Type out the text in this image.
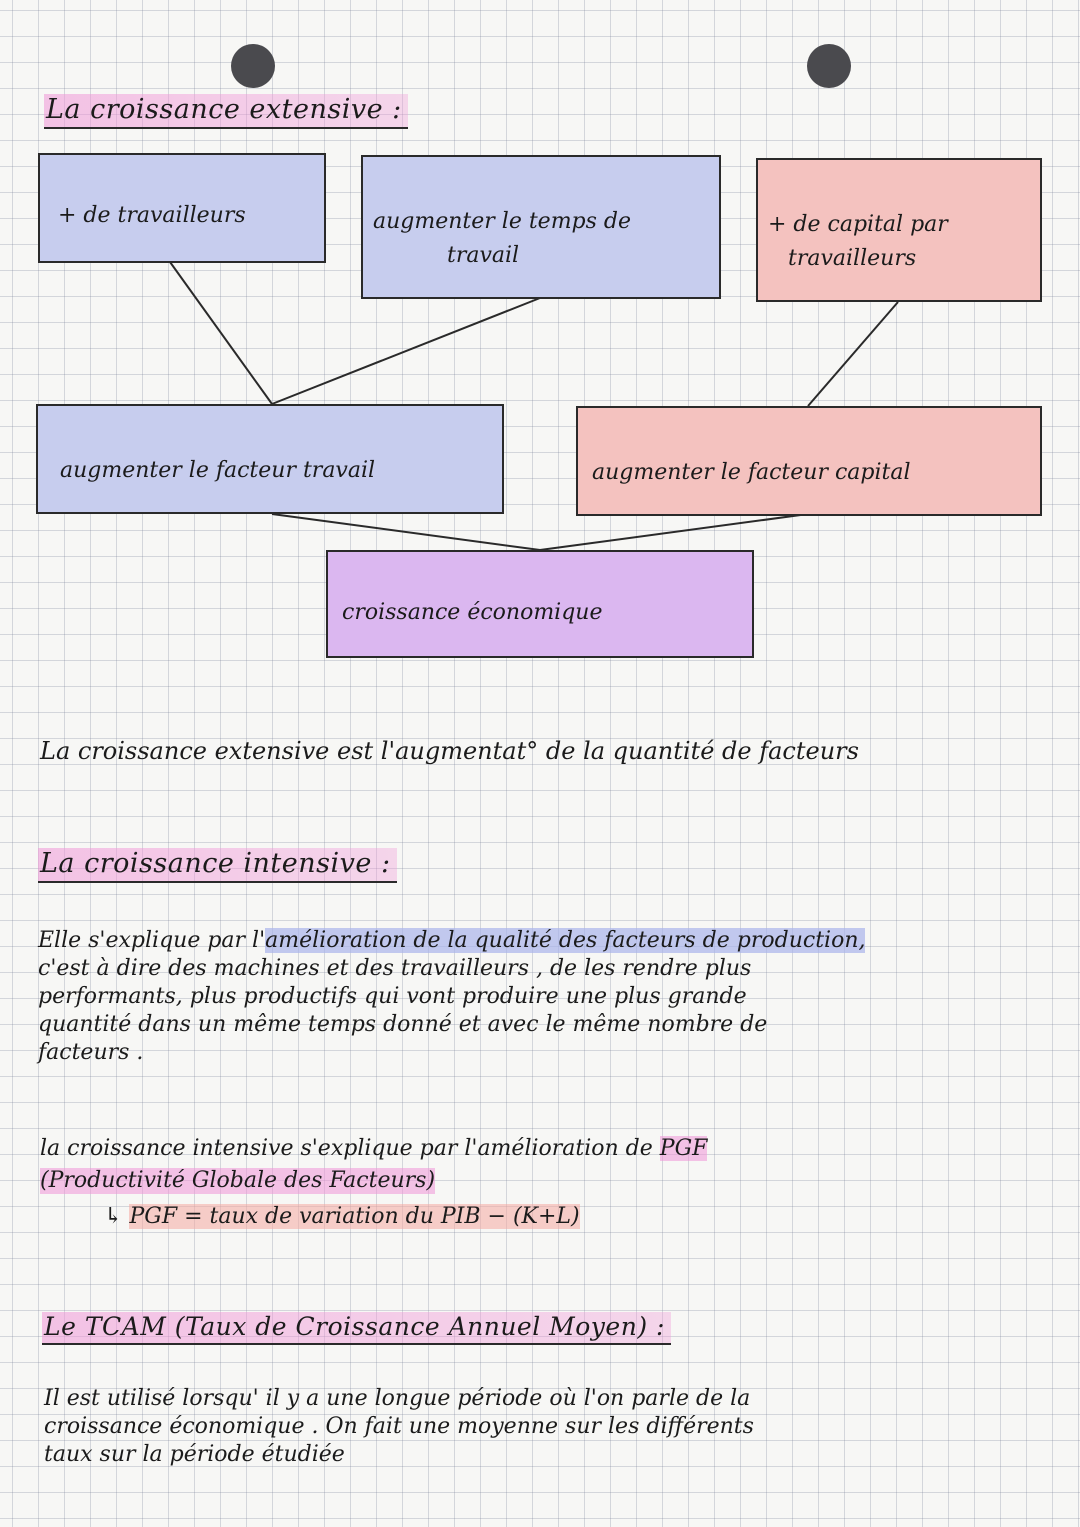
La croissance extensive :
+ de travailleurs	augmenter le temps de
travail
+ de capital par
travailleurs
augmenter le facteur travail	augmenter le facteur capital
croissance économique
La croissance extensive est l'augmentat° de la quantité de facteurs
La croissance intensive :
Elle s'explique par l'amélioration de la qualité des facteurs de production,
c'est à dire des machines et des travailleurs , de les rendre plus
performants, plus productifs qui vont produire une plus grande
quantité dans un même temps donné et avec le même nombre de
facteurs .
la croissance intensive s'explique par l'amélioration de PGF
(Productivité Globale des Facteurs)
↳ PGF = taux de variation du PIB − (K+L)
Le TCAM (Taux de Croissance Annuel Moyen) :
Il est utilisé lorsqu' il y a une longue période où l'on parle de la
croissance économique . On fait une moyenne sur les différents
taux sur la période étudiée
